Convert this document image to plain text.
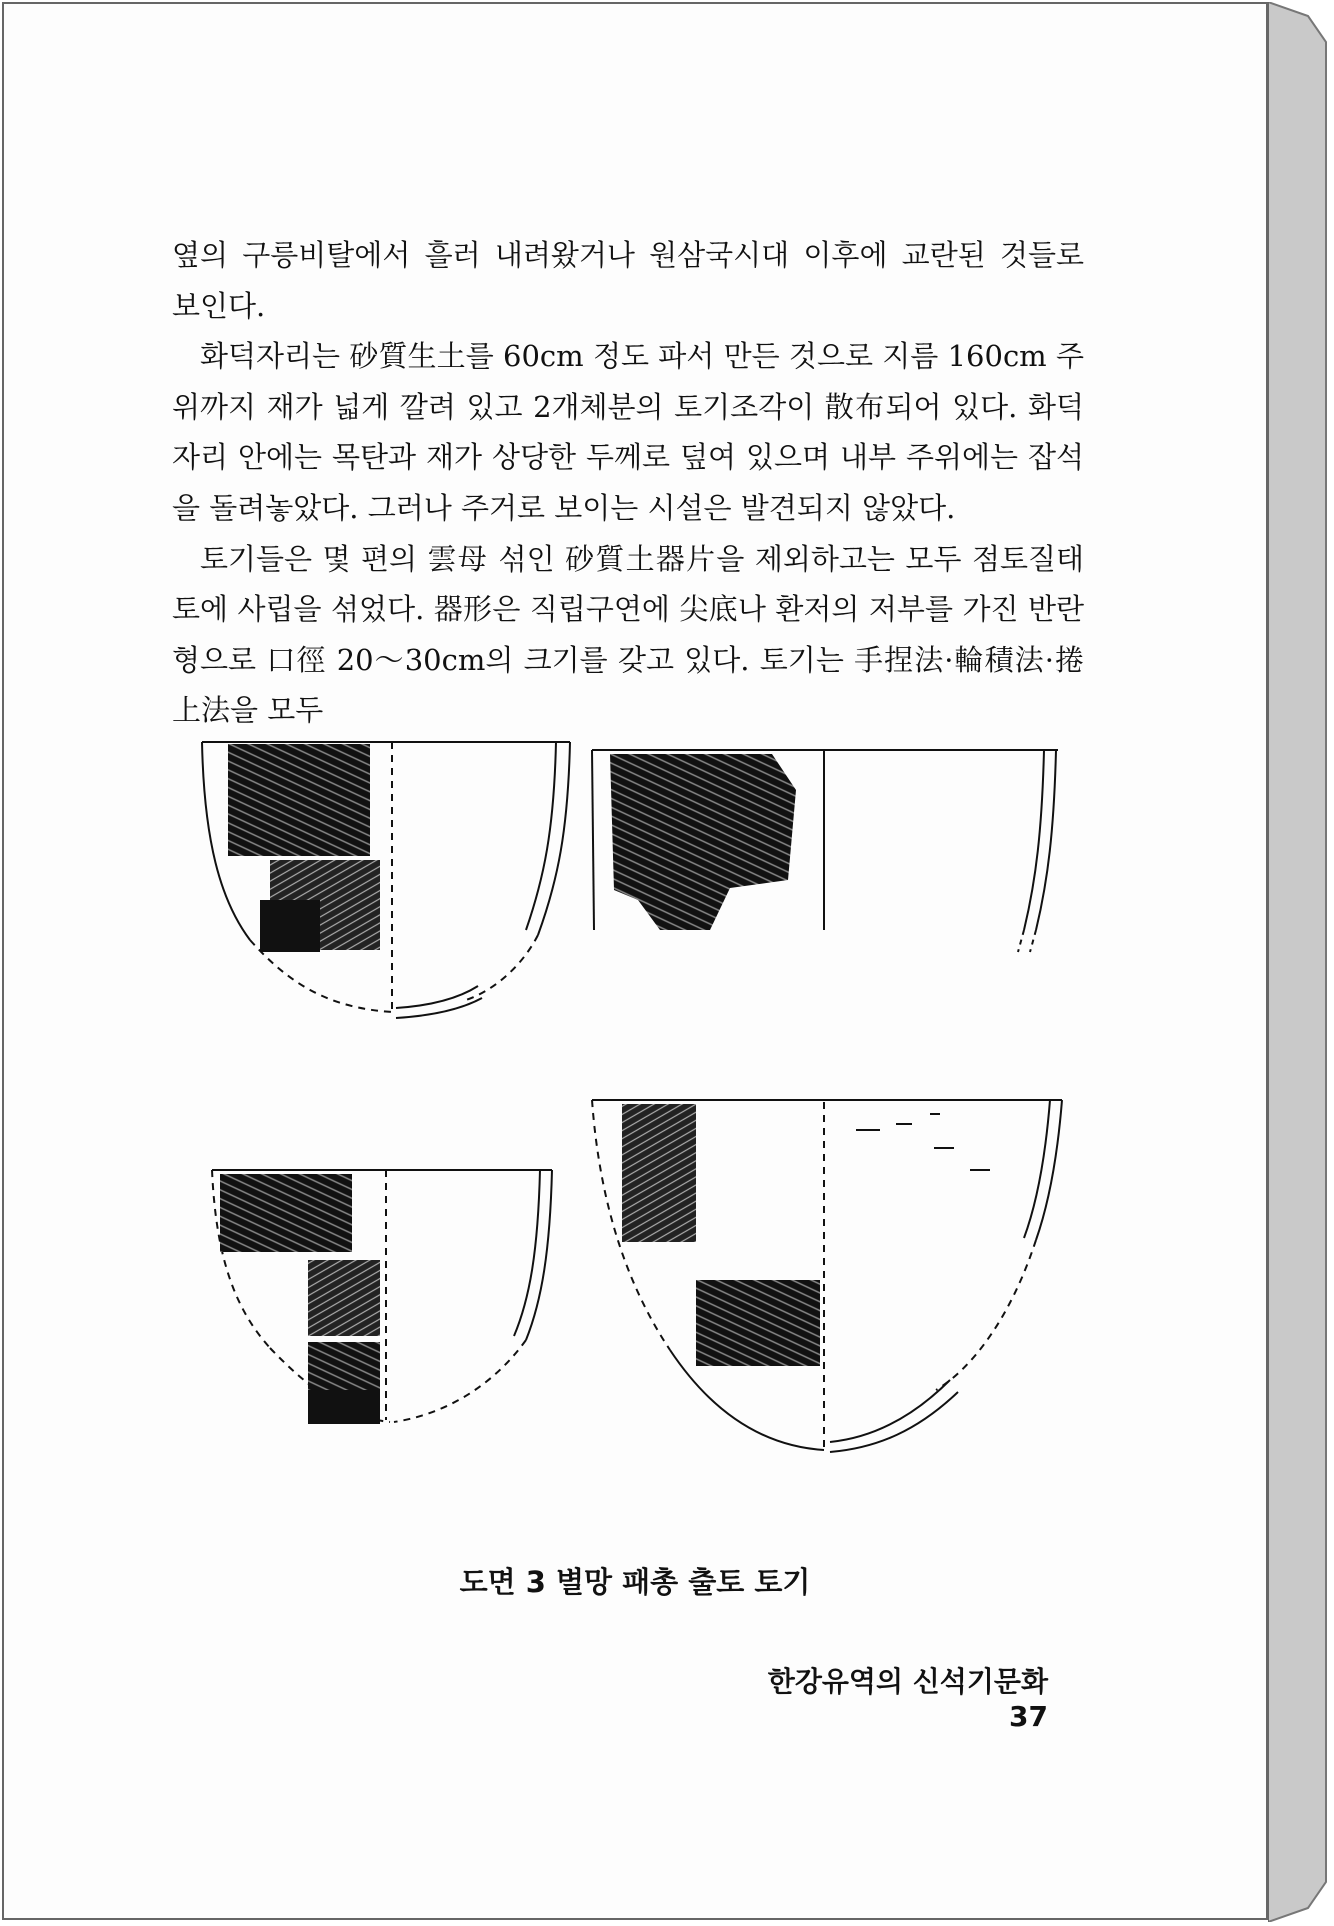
옆의 구릉비탈에서 흘러 내려왔거나 원삼국시대 이후에 교란된 것들로 보인다.

화덕자리는 砂質生土를 60cm 정도 파서 만든 것으로 지름 160cm 주위까지 재가 넓게 깔려 있고 2개체분의 토기조각이 散布되어 있다. 화덕자리 안에는 목탄과 재가 상당한 두께로 덮여 있으며 내부 주위에는 잡석을 돌려놓았다. 그러나 주거로 보이는 시설은 발견되지 않았다.

토기들은 몇 편의 雲母 섞인 砂質土器片을 제외하고는 모두 점토질태토에 사립을 섞었다. 器形은 직립구연에 尖底나 환저의 저부를 가진 반란형으로 口徑 20～30cm의 크기를 갖고 있다. 토기는 手捏法·輪積法·捲上法을 모두

도면 3 별망 패총 출토 토기
한강유역의 신석기문화37
